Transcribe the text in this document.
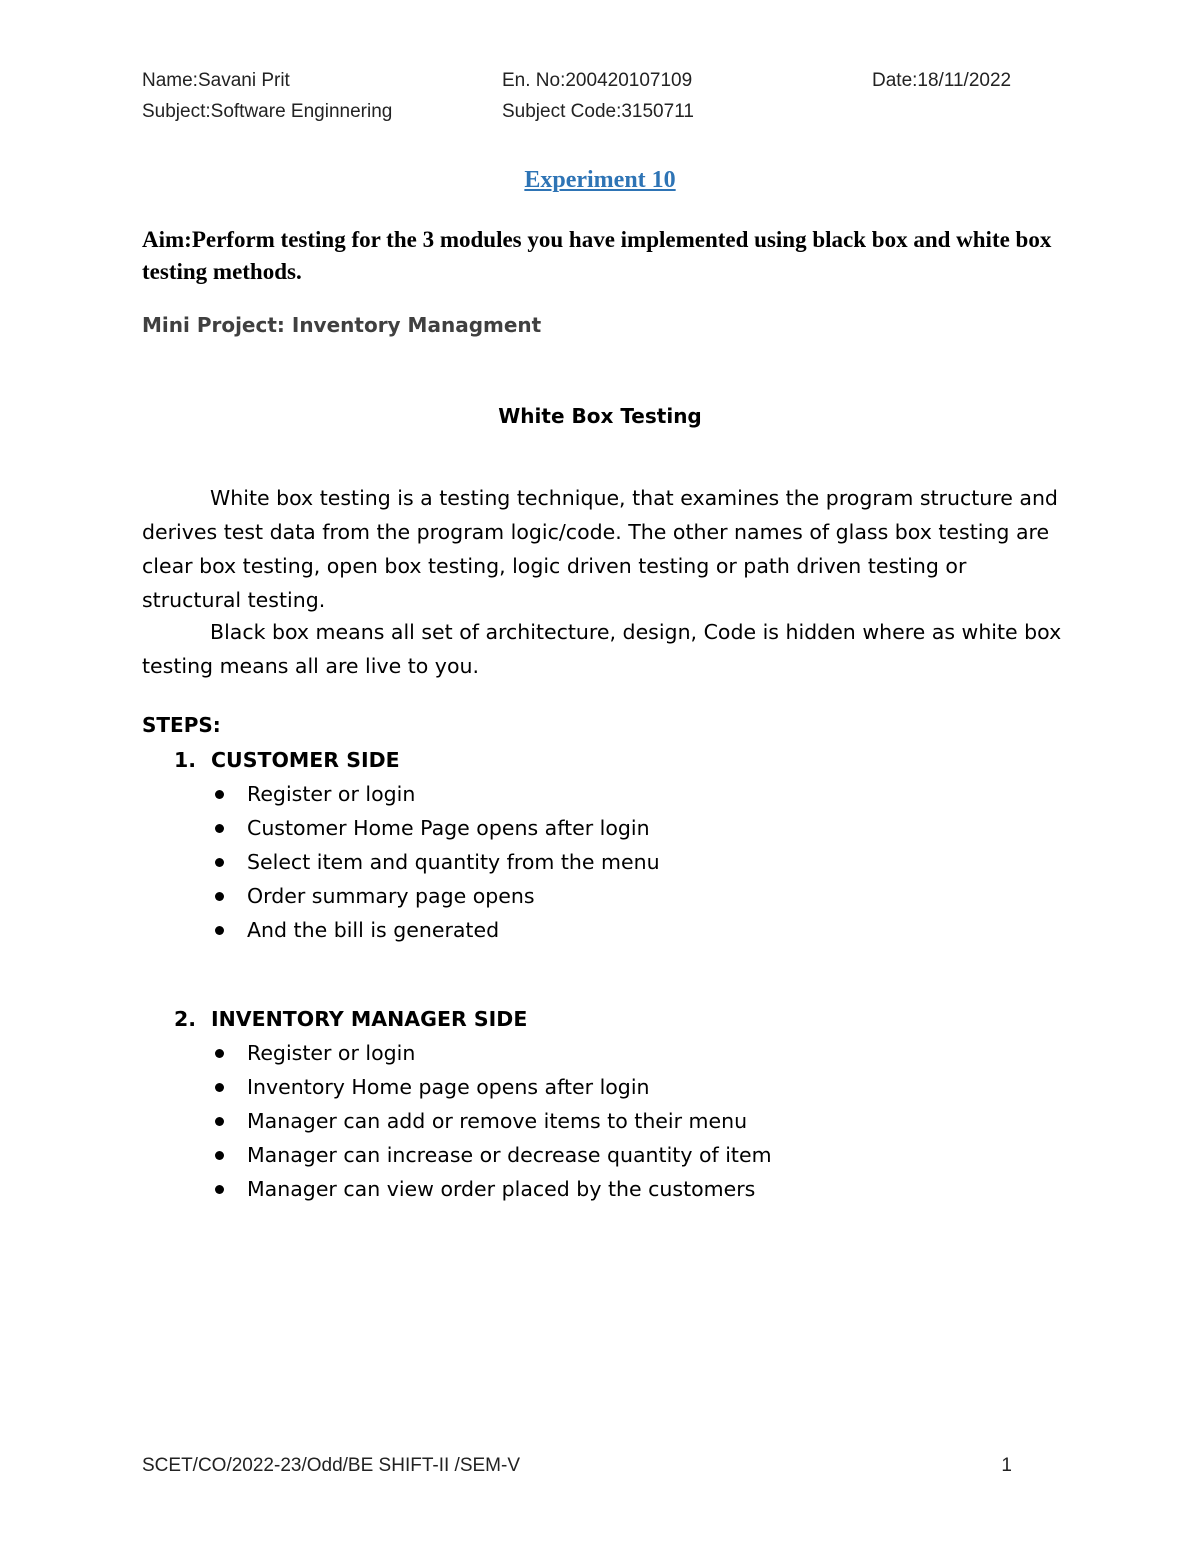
Name:Savani Prit	En. No:200420107109	Date:18/11/2022
Subject:Software Enginnering	Subject Code:3150711
Experiment 10
Aim:Perform testing for the 3 modules you have implemented using black box and white box testing methods.
Mini Project: Inventory Managment
White Box Testing
White box testing is a testing technique, that examines the program structure and derives test data from the program logic/code. The other names of glass box testing are clear box testing, open box testing, logic driven testing or path driven testing or structural testing.
Black box means all set of architecture, design, Code is hidden where as white box testing means all are live to you.
STEPS:
1. CUSTOMER SIDE
Register or login
Customer Home Page opens after login
Select item and quantity from the menu
Order summary page opens
And the bill is generated
2. INVENTORY MANAGER SIDE
Register or login
Inventory Home page opens after login
Manager can add or remove items to their menu
Manager can increase or decrease quantity of item
Manager can view order placed by the customers
SCET/CO/2022-23/Odd/BE SHIFT-II /SEM-V	1
